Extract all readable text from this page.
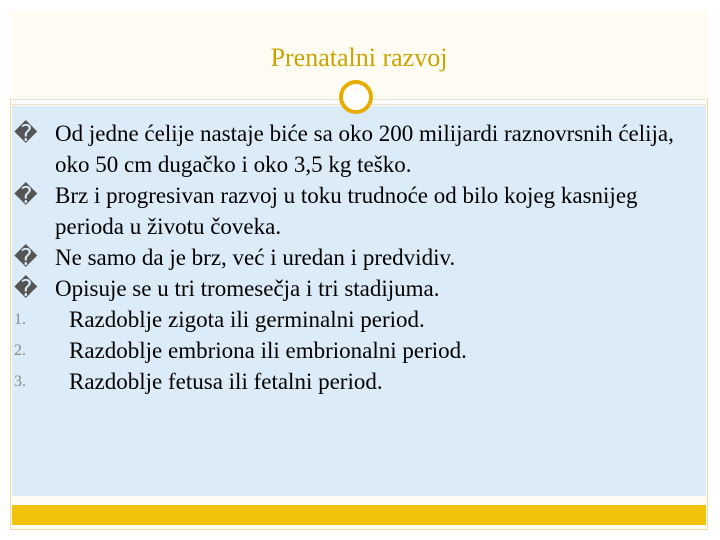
Prenatalni razvoj
� Od jedne ćelije nastaje biće sa oko 200 milijardi raznovrsnih ćelija, oko 50 cm dugačko i oko 3,5 kg teško.
� Brz i progresivan razvoj u toku trudnoće od bilo kojeg kasnijeg perioda u životu čoveka.
� Ne samo da je brz, već i uredan i predvidiv.
� Opisuje se u tri tromesečja i tri stadijuma.
1. Razdoblje zigota ili germinalni period.
2. Razdoblje embriona ili embrionalni period.
3. Razdoblje fetusa ili fetalni period.
